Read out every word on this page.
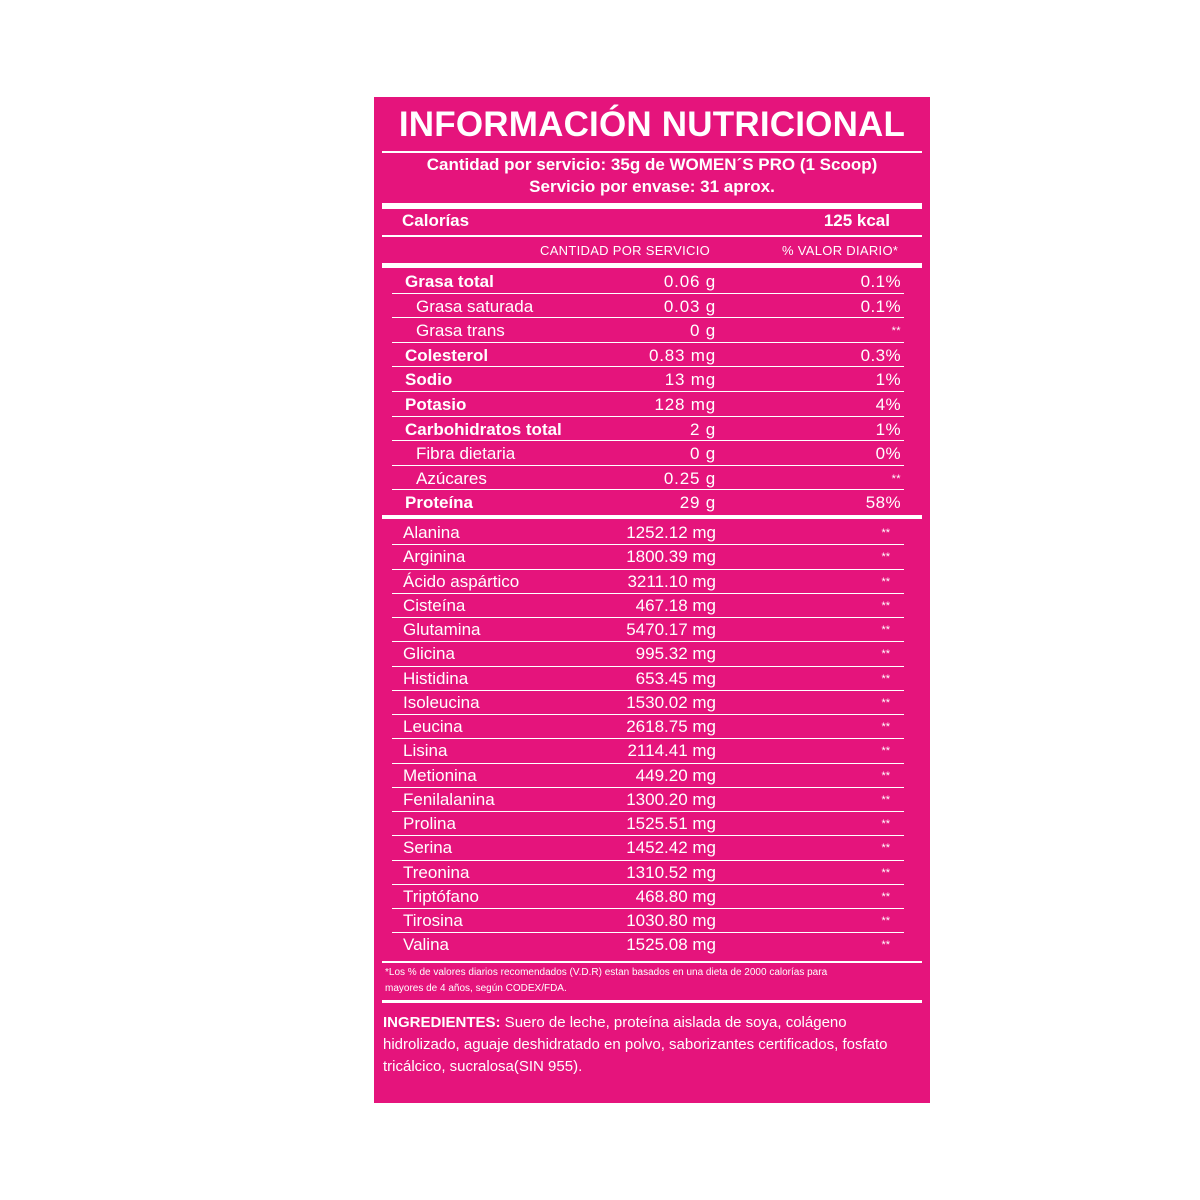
INFORMACIÓN NUTRICIONAL
Cantidad por servicio: 35g de WOMEN´S PRO (1 Scoop)
Servicio por envase: 31 aprox.
Calorías	125 kcal
CANTIDAD POR SERVICIO	% VALOR DIARIO*
Grasa total	0.06 g	0.1%
Grasa saturada	0.03 g	0.1%
Grasa trans	0 g	**
Colesterol	0.83 mg	0.3%
Sodio	13 mg	1%
Potasio	128 mg	4%
Carbohidratos total	2 g	1%
Fibra dietaria	0 g	0%
Azúcares	0.25 g	**
Proteína	29 g	58%
Alanina	1252.12 mg	**
Arginina	1800.39 mg	**
Ácido aspártico	3211.10 mg	**
Cisteína	467.18 mg	**
Glutamina	5470.17 mg	**
Glicina	995.32 mg	**
Histidina	653.45 mg	**
Isoleucina	1530.02 mg	**
Leucina	2618.75 mg	**
Lisina	2114.41 mg	**
Metionina	449.20 mg	**
Fenilalanina	1300.20 mg	**
Prolina	1525.51 mg	**
Serina	1452.42 mg	**
Treonina	1310.52 mg	**
Triptófano	468.80 mg	**
Tirosina	1030.80 mg	**
Valina	1525.08 mg	**
*Los % de valores diarios recomendados (V.D.R) estan basados en una dieta de 2000 calorías para
mayores de 4 años, según CODEX/FDA.
INGREDIENTES: Suero de leche, proteína aislada de soya, colágeno hidrolizado, aguaje deshidratado en polvo, saborizantes certificados, fosfato tricálcico, sucralosa(SIN 955).
